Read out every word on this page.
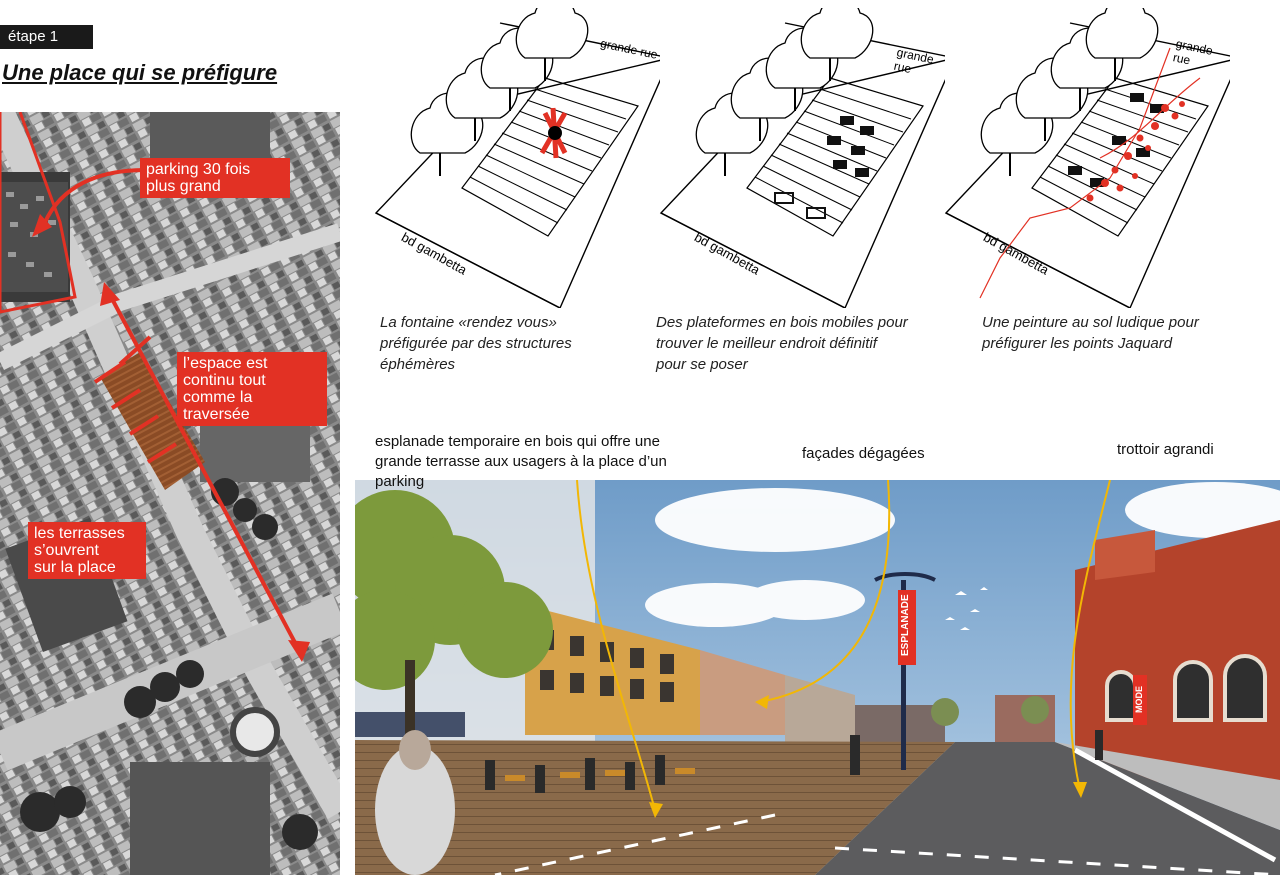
étape 1
Une place qui se préfigure
parking 30 fois
plus grand
l’espace est
continu tout
comme la
traversée
les terrasses
s’ouvrent
sur la place
grande rue
bd gambetta
La fontaine «rendez vous»
préfigurée par des structures
éphémères
grande rue
bd gambetta
Des plateformes en bois mobiles pour
trouver le meilleur endroit définitif
pour se poser
grande rue
bd gambetta
Une peinture au sol ludique pour
préfigurer les points Jaquard
ESPLANADE
MODE
esplanade temporaire en bois qui offre une
grande terrasse aux usagers à la place d’un
parking
façades dégagées	trottoir agrandi
